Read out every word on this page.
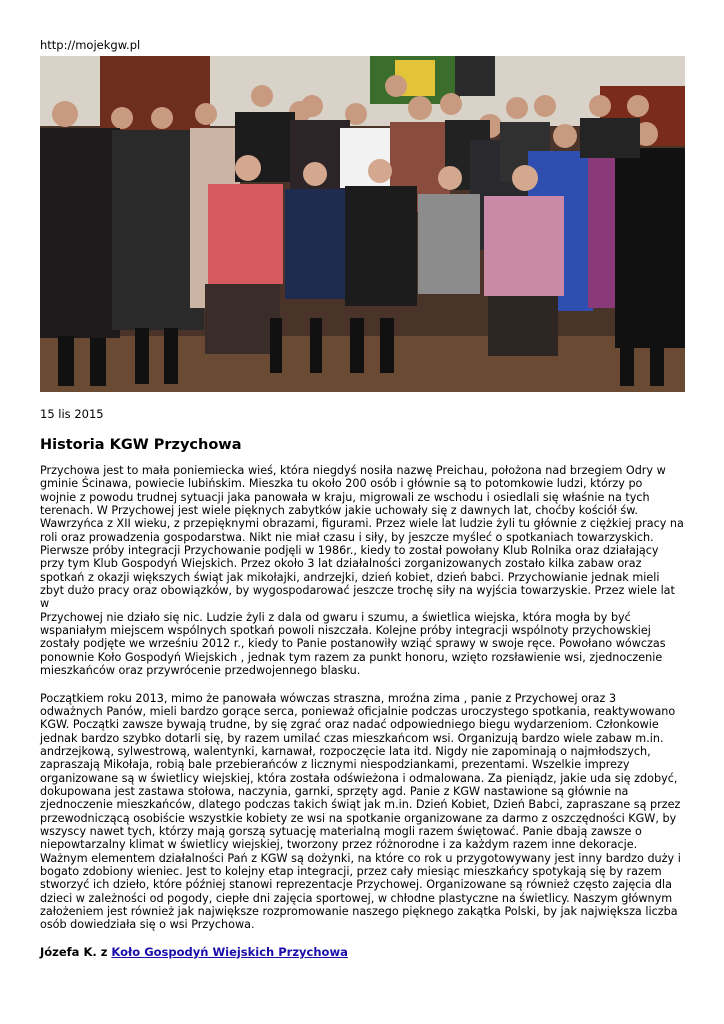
http://mojekgw.pl

15 lis 2015
Historia KGW Przychowa

Przychowa jest to mała poniemiecka wieś, która niegdyś nosiła nazwę Preichau, położona nad brzegiem Odry w
gminie Ścinawa, powiecie lubińskim. Mieszka tu około 200 osób i głównie są to potomkowie ludzi, którzy po
wojnie z powodu trudnej sytuacji jaka panowała w kraju, migrowali ze wschodu i osiedlali się właśnie na tych
terenach. W Przychowej jest wiele pięknych zabytków jakie uchowały się z dawnych lat, choćby kościół św.
Wawrzyńca z XII wieku, z przepięknymi obrazami, figurami. Przez wiele lat ludzie żyli tu głównie z ciężkiej pracy na
roli oraz prowadzenia gospodarstwa. Nikt nie miał czasu i siły, by jeszcze myśleć o spotkaniach towarzyskich.
Pierwsze próby integracji Przychowanie podjęli w 1986r., kiedy to został powołany Klub Rolnika oraz działający
przy tym Klub Gospodyń Wiejskich. Przez około 3 lat działalności zorganizowanych zostało kilka zabaw oraz
spotkań z okazji większych świąt jak mikołajki, andrzejki, dzień kobiet, dzień babci. Przychowianie jednak mieli
zbyt dużo pracy oraz obowiązków, by wygospodarować jeszcze trochę siły na wyjścia towarzyskie. Przez wiele lat w
Przychowej nie działo się nic. Ludzie żyli z dala od gwaru i szumu, a świetlica wiejska, która mogła by być
wspaniałym miejscem wspólnych spotkań powoli niszczała. Kolejne próby integracji wspólnoty przychowskiej
zostały podjęte we wrześniu 2012 r., kiedy to Panie postanowiły wziąć sprawy w swoje ręce. Powołano wówczas
ponownie Koło Gospodyń Wiejskich , jednak tym razem za punkt honoru, wzięto rozsławienie wsi, zjednoczenie
mieszkańców oraz przywrócenie przedwojennego blasku.

Początkiem roku 2013, mimo że panowała wówczas straszna, mroźna zima , panie z Przychowej oraz 3
odważnych Panów, mieli bardzo gorące serca, ponieważ oficjalnie podczas uroczystego spotkania, reaktywowano
KGW. Początki zawsze bywają trudne, by się zgrać oraz nadać odpowiedniego biegu wydarzeniom. Członkowie
jednak bardzo szybko dotarli się, by razem umilać czas mieszkańcom wsi. Organizują bardzo wiele zabaw m.in.
andrzejkową, sylwestrową, walentynki, karnawał, rozpoczęcie lata itd. Nigdy nie zapominają o najmłodszych,
zapraszają Mikołaja, robią bale przebierańców z licznymi niespodziankami, prezentami. Wszelkie imprezy
organizowane są w świetlicy wiejskiej, która została odświeżona i odmalowana. Za pieniądz, jakie uda się zdobyć,
dokupowana jest zastawa stołowa, naczynia, garnki, sprzęty agd. Panie z KGW nastawione są głównie na
zjednoczenie mieszkańców, dlatego podczas takich świąt jak m.in. Dzień Kobiet, Dzień Babci, zapraszane są przez
przewodniczącą osobiście wszystkie kobiety ze wsi na spotkanie organizowane za darmo z oszczędności KGW, by
wszyscy nawet tych, którzy mają gorszą sytuację materialną mogli razem świętować. Panie dbają zawsze o
niepowtarzalny klimat w świetlicy wiejskiej, tworzony przez różnorodne i za każdym razem inne dekoracje.
Ważnym elementem działalności Pań z KGW są dożynki, na które co rok u przygotowywany jest inny bardzo duży i
bogato zdobiony wieniec. Jest to kolejny etap integracji, przez cały miesiąc mieszkańcy spotykają się by razem
stworzyć ich dzieło, które później stanowi reprezentacje Przychowej. Organizowane są również często zajęcia dla
dzieci w zależności od pogody, ciepłe dni zajęcia sportowej, w chłodne plastyczne na świetlicy. Naszym głównym
założeniem jest również jak największe rozpromowanie naszego pięknego zakątka Polski, by jak największa liczba
osób dowiedziała się o wsi Przychowa.

Józefa K. z Koło Gospodyń Wiejskich Przychowa
